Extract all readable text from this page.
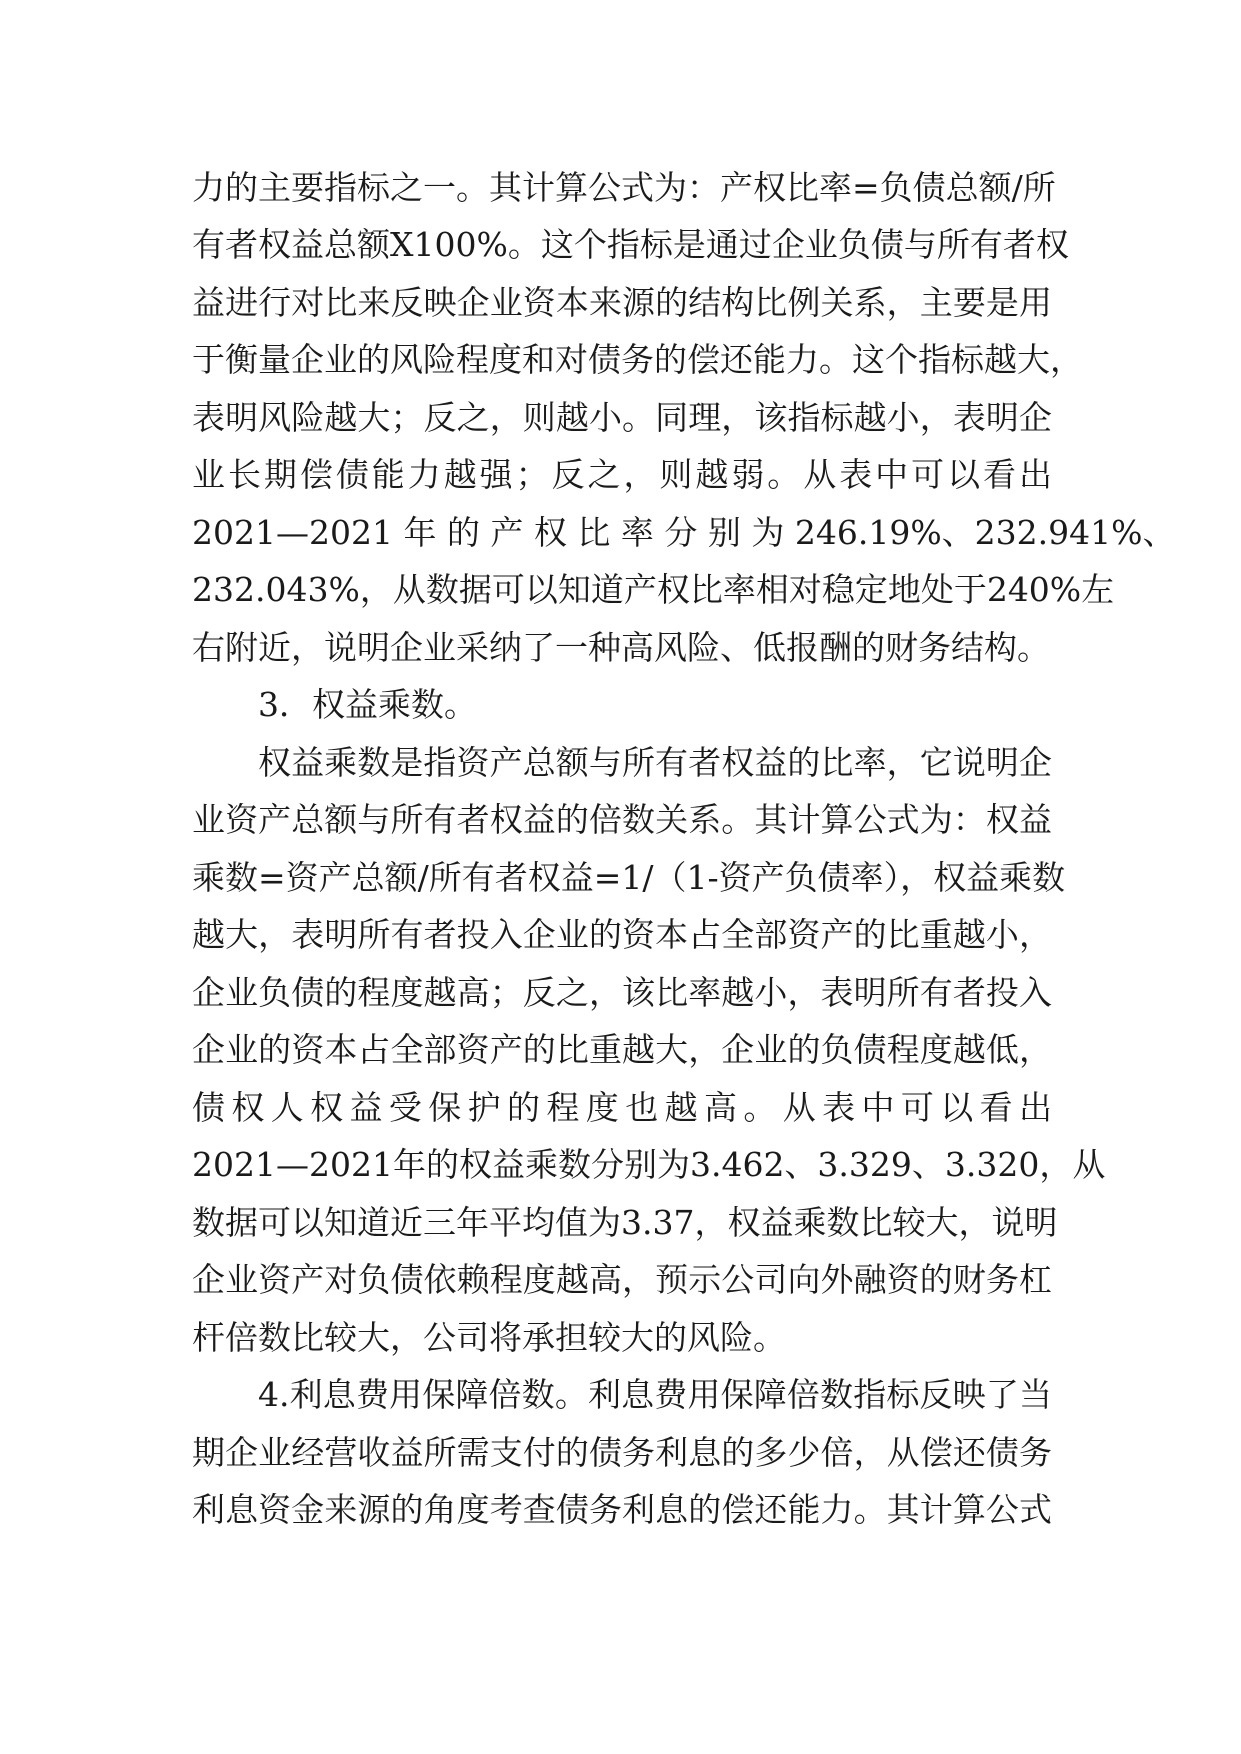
力的主要指标之一。其计算公式为：产权比率=负债总额/所
有者权益总额X100%。这个指标是通过企业负债与所有者权
益进行对比来反映企业资本来源的结构比例关系，主要是用
于衡量企业的风险程度和对债务的偿还能力。这个指标越大，
表明风险越大；反之，则越小。同理，该指标越小，表明企
业长期偿债能力越强；反之，则越弱。从表中可以看出
2021—2021 年 的 产 权 比 率 分 别 为 246.19%、232.941%、
232.043%，从数据可以知道产权比率相对稳定地处于240%左
右附近，说明企业采纳了一种高风险、低报酬的财务结构。
3．权益乘数。
权益乘数是指资产总额与所有者权益的比率，它说明企
业资产总额与所有者权益的倍数关系。其计算公式为：权益
乘数=资产总额/所有者权益=1/（1-资产负债率），权益乘数
越大，表明所有者投入企业的资本占全部资产的比重越小，
企业负债的程度越高；反之，该比率越小，表明所有者投入
企业的资本占全部资产的比重越大，企业的负债程度越低，
债权人权益受保护的程度也越高。从表中可以看出
2021—2021年的权益乘数分别为3.462、3.329、3.320，从
数据可以知道近三年平均值为3.37，权益乘数比较大，说明
企业资产对负债依赖程度越高，预示公司向外融资的财务杠
杆倍数比较大，公司将承担较大的风险。
4.利息费用保障倍数。利息费用保障倍数指标反映了当
期企业经营收益所需支付的债务利息的多少倍，从偿还债务
利息资金来源的角度考查债务利息的偿还能力。其计算公式
